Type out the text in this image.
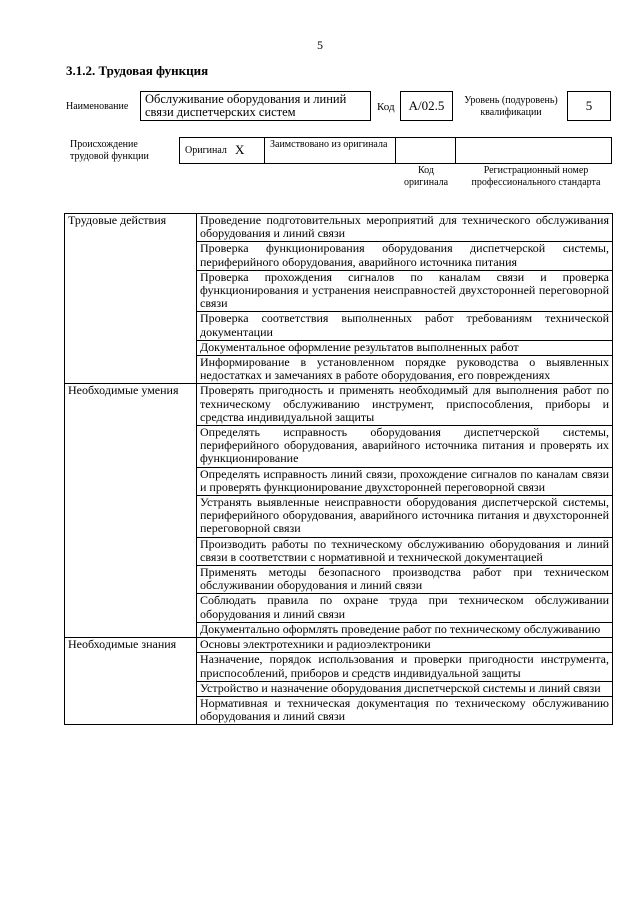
5
3.1.2. Трудовая функция
Наименование
Обслуживание оборудования и линий связи диспетчерских систем	Код	А/02.5	Уровень (подуровень) квалификации	5
Происхождение трудовой функции
Оригинал X	Заимствовано из оригинала
Код оригинала
Регистрационный номер профессионального стандарта
Трудовые действия	Проведение подготовительных мероприятий для технического обслуживания оборудования и линий связи
	Проверка функционирования оборудования диспетчерской системы, периферийного оборудования, аварийного источника питания
	Проверка прохождения сигналов по каналам связи и проверка функционирования и устранения неисправностей двухсторонней переговорной связи
	Проверка соответствия выполненных работ требованиям технической документации
	Документальное оформление результатов выполненных работ
	Информирование в установленном порядке руководства о выявленных недостатках и замечаниях в работе оборудования, его повреждениях
Необходимые умения	Проверять пригодность и применять необходимый для выполнения работ по техническому обслуживанию инструмент, приспособления, приборы и средства индивидуальной защиты
	Определять исправность оборудования диспетчерской системы, периферийного оборудования, аварийного источника питания и проверять их функционирование
	Определять исправность линий связи, прохождение сигналов по каналам связи и проверять функционирование двухсторонней переговорной связи
	Устранять выявленные неисправности оборудования диспетчерской системы, периферийного оборудования, аварийного источника питания и двухсторонней переговорной связи
	Производить работы по техническому обслуживанию оборудования и линий связи в соответствии с нормативной и технической документацией
	Применять методы безопасного производства работ при техническом обслуживании оборудования и линий связи
	Соблюдать правила по охране труда при техническом обслуживании оборудования и линий связи
	Документально оформлять проведение работ по техническому обслуживанию
Необходимые знания	Основы электротехники и радиоэлектроники
	Назначение, порядок использования и проверки пригодности инструмента, приспособлений, приборов и средств индивидуальной защиты
	Устройство и назначение оборудования диспетчерской системы и линий связи
	Нормативная и техническая документация по техническому обслуживанию оборудования и линий связи
